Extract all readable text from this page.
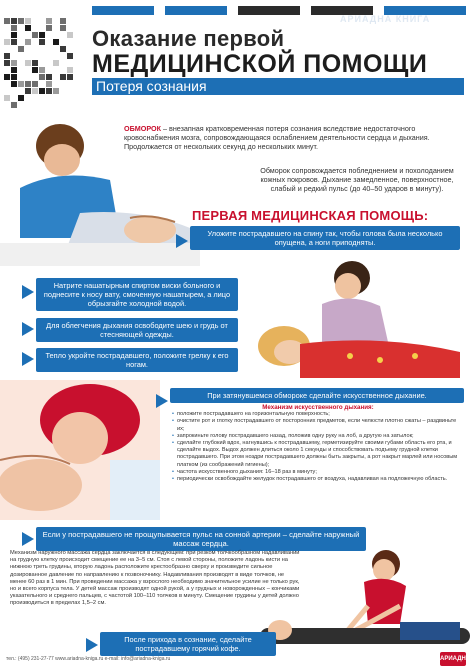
АРИАДНА КНИГА
Оказание первой
МЕДИЦИНСКОЙ ПОМОЩИ
Потеря сознания
ОБМОРОК – внезапная кратковременная потеря сознания вследствие недостаточного кровоснабжения мозга, сопровождающаяся ослаблением деятельности сердца и дыхания. Продолжается от нескольких секунд до нескольких минут.
Обморок сопровождается побледнением и похолоданием кожных покровов. Дыхание замедленное, поверхностное, слабый и редкий пульс (до 40–50 ударов в минуту).
ПЕРВАЯ МЕДИЦИНСКАЯ ПОМОЩЬ:
Уложите пострадавшего на спину так, чтобы голова была несколько опущена, а ноги приподняты.
Натрите нашатырным спиртом виски больного и поднесите к носу вату, смоченную нашатырем, а лицо обрызгайте холодной водой.
Для облегчения дыхания освободите шею и грудь от стесняющей одежды.
Тепло укройте пострадавшего, положите грелку к его ногам.
При затянувшемся обмороке сделайте искусственное дыхание.
Механизм искусственного дыхания:
• положите пострадавшего на горизонтальную поверхность;
• очистите рот и глотку пострадавшего от посторонних предметов, если челюсти плотно сжаты – раздвиньте их;
• запрокиньте голову пострадавшего назад, положив одну руку на лоб, а другую на затылок;
• сделайте глубокий вдох, нагнувшись к пострадавшему, герметизируйте своими губами область его рта, и сделайте выдох. Выдох должен длиться около 1 секунды и способствовать подъему грудной клетки пострадавшего. При этом ноздри пострадавшего должны быть закрыты, а рот накрыт марлей или носовым платком (из соображений гигиены);
• частота искусственного дыхания: 16–18 раз в минуту;
• периодически освобождайте желудок пострадавшего от воздуха, надавливая на подложечную область.
Если у пострадавшего не прощупывается пульс на сонной артерии – сделайте наружный массаж сердца.
Механизм наружного массажа сердца заключается в следующем: при резком толчкообразном надавливании на грудную клетку происходит смещение ее на 3–5 см. Стоя с левой стороны, положите ладонь кисти на нижнюю треть грудины, вторую ладонь расположите крестообразно сверху и произведите сильное дозированное давление по направлению к позвоночнику. Надавливания производят в виде толчков, не менее 60 раз в 1 мин. При проведении массажа у взрослого необходимо значительное усилие не только рук, но и всего корпуса тела. У детей массаж производят одной рукой, а у грудных и новорожденных – кончиками указательного и среднего пальцев, с частотой 100–110 толчков в минуту. Смещение грудины у детей должно производиться в пределах 1,5–2 см.
После прихода в сознание, сделайте пострадавшему горячий кофе.
тел.: (495) 231-27-77 www.ariadna-kniga.ru e-mail: info@ariadna-kniga.ru	АРИАДНА
